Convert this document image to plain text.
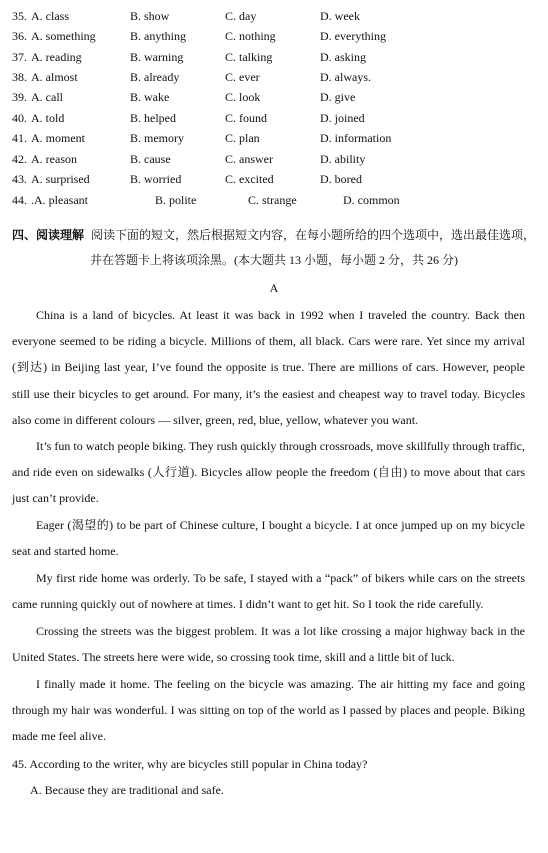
35. A. class	B. show	C. day	D. week
36. A. something	B. anything	C. nothing	D. everything
37. A. reading	B. warning	C. talking	D. asking
38. A. almost	B. already	C. ever	D. always.
39. A. call	B. wake	C. look	D. give
40. A. told	B. helped	C. found	D. joined
41. A. moment	B. memory	C. plan	D. information
42. A. reason	B. cause	C. answer	D. ability
43. A. surprised	B. worried	C. excited	D. bored
44. .A. pleasant	B. polite	C. strange	D. common
四、阅读理解 阅读下面的短文，然后根据短文内容，在每小题所给的四个选项中，选出最佳选项，
并在答题卡上将该项涂黑。(本大题共 13 小题，每小题 2 分，共 26 分)
A

China is a land of bicycles. At least it was back in 1992 when I traveled the country. Back then everyone seemed to be riding a bicycle. Millions of them, all black. Cars were rare. Yet since my arrival (到达) in Beijing last year, I’ve found the opposite is true. There are millions of cars. However, people still use their bicycles to get around. For many, it’s the easiest and cheapest way to travel today. Bicycles also come in different colours — silver, green, red, blue, yellow, whatever you want.

It’s fun to watch people biking. They rush quickly through crossroads, move skillfully through traffic, and ride even on sidewalks (人行道). Bicycles allow people the freedom (自由) to move about that cars just can’t provide.

Eager (渴望的) to be part of Chinese culture, I bought a bicycle. I at once jumped up on my bicycle seat and started home.

My first ride home was orderly. To be safe, I stayed with a “pack” of bikers while cars on the streets came running quickly out of nowhere at times. I didn’t want to get hit. So I took the ride carefully.

Crossing the streets was the biggest problem. It was a lot like crossing a major highway back in the United States. The streets here were wide, so crossing took time, skill and a little bit of luck.

I finally made it home. The feeling on the bicycle was amazing. The air hitting my face and going through my hair was wonderful. I was sitting on top of the world as I passed by places and people. Biking made me feel alive.

45. According to the writer, why are bicycles still popular in China today?
A. Because they are traditional and safe.
